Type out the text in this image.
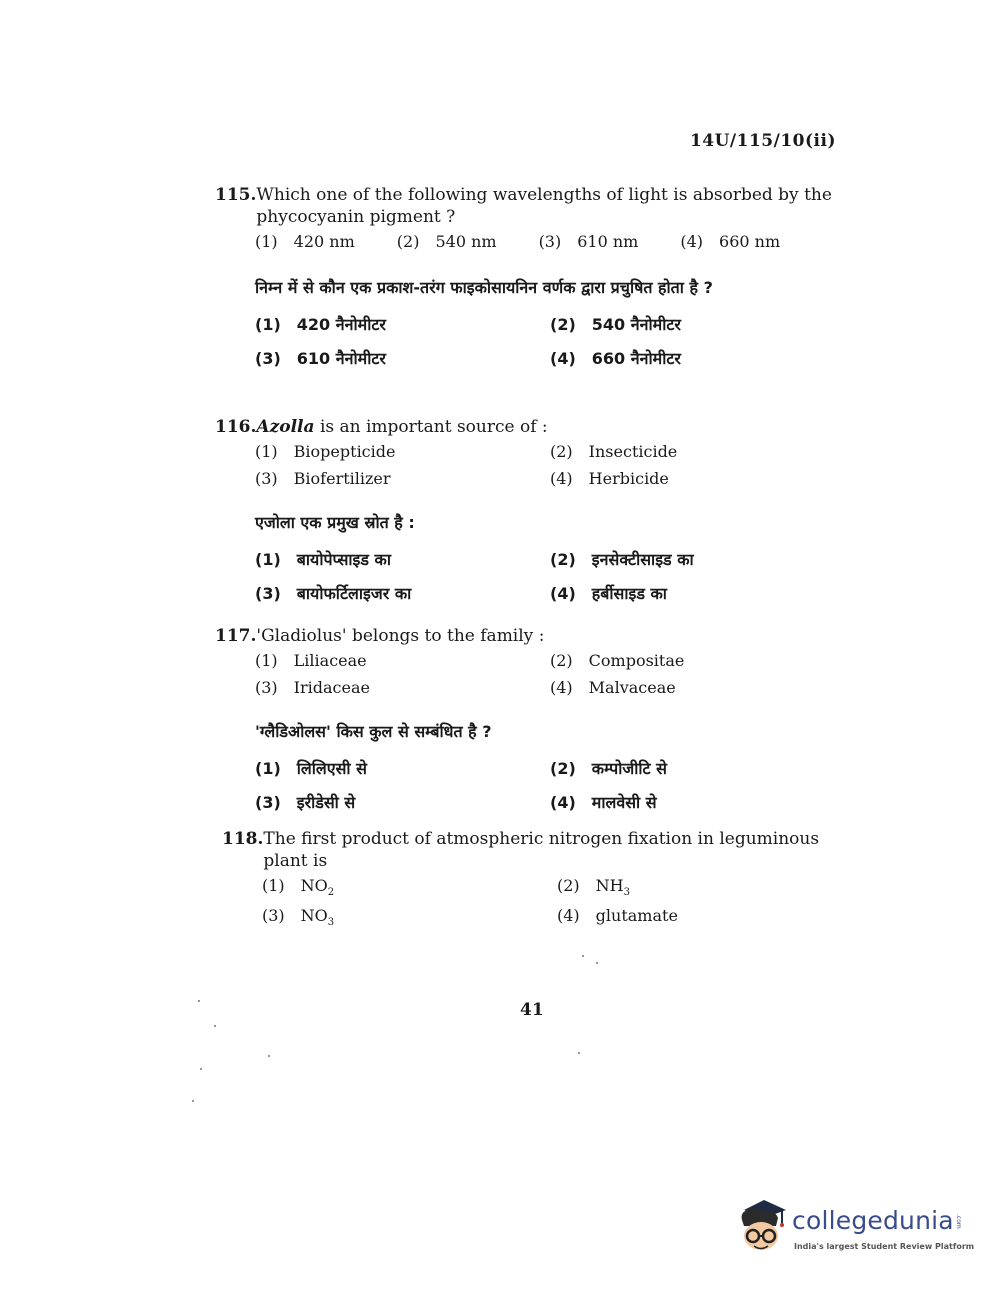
14U/115/10(ii)
115. Which one of the following wavelengths of light is absorbed by the phycocyanin pigment ?
(1) 420 nm	(2) 540 nm	(3) 610 nm	(4) 660 nm
निम्न में से कौन एक प्रकाश-तरंग फाइकोसायनिन वर्णक द्वारा प्रचुषित होता है ?
(1) 420 नैनोमीटर	(2) 540 नैनोमीटर
(3) 610 नैनोमीटर	(4) 660 नैनोमीटर
116. Azolla is an important source of :
(1) Biopepticide	(2) Insecticide
(3) Biofertilizer	(4) Herbicide
एजोला एक प्रमुख स्रोत है :
(1) बायोपेप्साइड का	(2) इनसेक्टीसाइड का
(3) बायोफर्टिलाइजर का	(4) हर्बीसाइड का
117. 'Gladiolus' belongs to the family :
(1) Liliaceae	(2) Compositae
(3) Iridaceae	(4) Malvaceae
'ग्लैडिओलस' किस कुल से सम्बंधित है ?
(1) लिलिएसी से	(2) कम्पोजीटि से
(3) इरीडेसी से	(4) मालवेसी से
118. The first product of atmospheric nitrogen fixation in leguminous plant is
(1) $NO_2$	(2) $NH_3$
(3) $NO_3$	(4) glutamate
41
collegedunia .com
India's largest Student Review Platform
